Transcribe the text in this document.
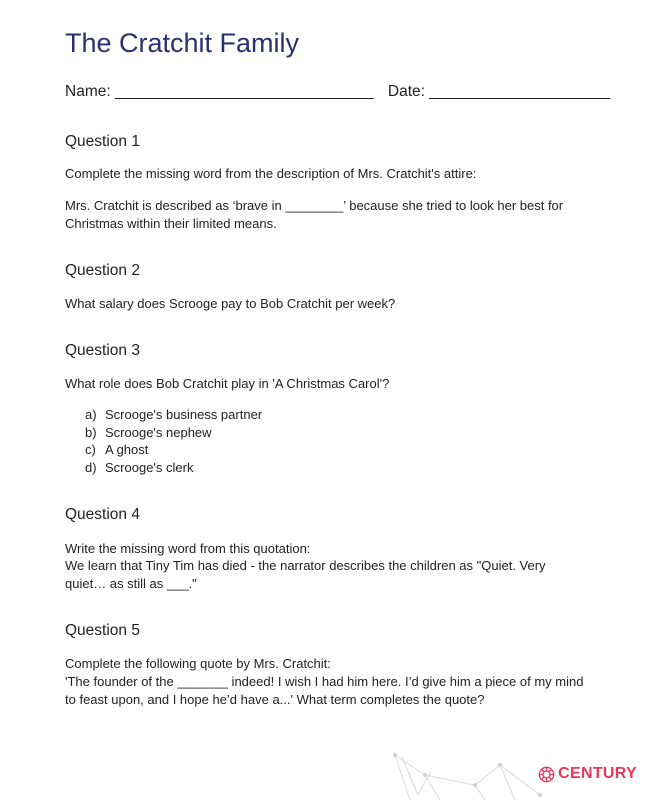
The Cratchit Family
Name: ______________________________ Date: _____________________
Question 1

Complete the missing word from the description of Mrs. Cratchit's attire:

Mrs. Cratchit is described as ‘brave in ________’ because she tried to look her best for Christmas within their limited means.

Question 2

What salary does Scrooge pay to Bob Cratchit per week?

Question 3

What role does Bob Cratchit play in 'A Christmas Carol'?

a) Scrooge's business partner
b) Scrooge's nephew
c) A ghost
d) Scrooge's clerk
Question 4

Write the missing word from this quotation:

We learn that Tiny Tim has died - the narrator describes the children as "Quiet. Very quiet… as still as ___."

Question 5

Complete the following quote by Mrs. Cratchit:

'The founder of the _______ indeed! I wish I had him here. I’d give him a piece of my mind to feast upon, and I hope he’d have a...' What term completes the quote?

CENTURY
